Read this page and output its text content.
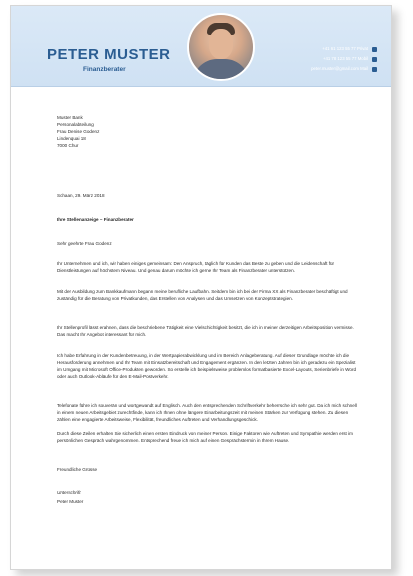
PETER MUSTER
Finanzberater
+41 61 123 55 77 Privat
+41 78 123 55 77 Mobil
peter.muster@gmail.com Mail

Muster Bank

Personalabteilung

Frau Denise Godenz

Lindenquai 18

7000 Chur

Schaan, 29. März 2018
Ihre Stellenanzeige – Finanzberater
Sehr geehrte Frau Godenz
Ihr Unternehmen und ich, wir haben einiges gemeinsam: Den Anspruch, täglich für Kunden das Beste zu geben und die Leidenschaft für Dienstleistungen auf höchstem Niveau. Und genau darum möchte ich gerne Ihr Team als Finanzberater unterstützen.
Mit der Ausbildung zum Bankkaufmann begann meine berufliche Laufbahn. Seitdem bin ich bei der Firma XX als Finanzberater beschäftigt und zuständig für die Beratung von Privatkunden, das Erstellen von Analysen und das Umsetzen von Konzeptstrategien.
Ihr Stellenprofil lässt erahnen, dass die beschriebene Tätigkeit eine Vielschichtigkeit besitzt, die ich in meiner derzeitigen Arbeitsposition vermisse. Das macht Ihr Angebot interessant für mich.
Ich habe Erfahrung in der Kundenbetreuung, in der Wertpapierabwicklung und im Bereich Anlageberatung. Auf dieser Grundlage möchte ich die Herausforderung annehmen und Ihr Team mit Einsatzbereitschaft und Engagement ergänzen. In den letzten Jahren bin ich geradezu ein Spezialist im Umgang mit Microsoft Office-Produkten geworden. So erstelle ich beispielsweise problemlos formatbasierte Excel-Layouts, Serienbriefe in Word oder auch Outlook-Abläufe für den E-Mail-Postverkehr.
Telefonate führe ich souverän und wortgewandt auf Englisch. Auch den entsprechenden Schriftverkehr beherrsche ich sehr gut. Da ich mich schnell in einem neuen Arbeitsgebiet zurechtfinde, kann ich Ihnen ohne längere Einarbeitungszeit mit meinen Stärken zur Verfügung stehen. Zu diesen zählen eine engagierte Arbeitsweise, Flexibilität, freundliches Auftreten und Verhandlungsgeschick.
Durch diese Zeilen erhalten Sie sicherlich einen ersten Eindruck von meiner Person. Einige Faktoren wie Auftreten und Sympathie werden erst im persönlichen Gespräch wahrgenommen. Entsprechend freue ich mich auf einen Gesprächstermin in Ihrem Hause.
Freundliche Grüsse
Unterschrift
Peter Muster
